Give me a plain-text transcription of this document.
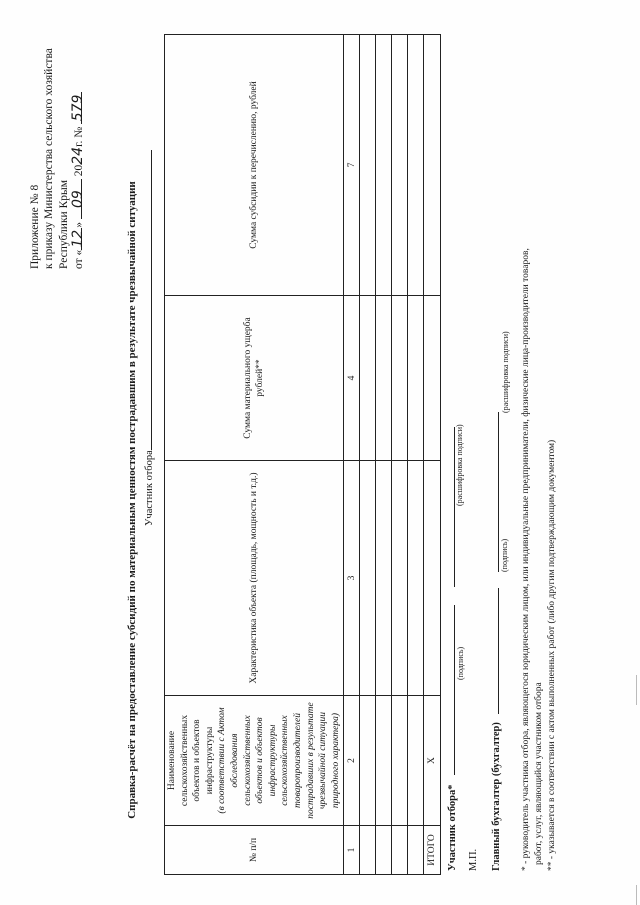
Приложение № 8 к приказу Министерства сельского хозяйства Республики Крым от «12» 09 2024г. № 579
Справка-расчёт на предоставление субсидий по материальным ценностям пострадавшим в результате чрезвычайной ситуации Участник отбора
№ п/п	Наименование сельскохозяйственных объектов и объектов инфраструктуры (в соответствии с Актом обследования сельскохозяйственных объектов и объектов инфраструктуры сельскохозяйственных товаропроизводителей пострадавших в результате чрезвычайной ситуации природного характера)	Характеристика объекта (площадь, мощность и т.д.)	Сумма материального ущерба рублей**	Сумма субсидии к перечислению, рублей
1	2	3	4	7

ИТОГО	X			
Участник отбора*
(подпись)
(расшифровка подписи)
М.П.	Главный бухгалтер (бухгалтер)
(подпись)
(расшифровка подписи) * - руководитель участника отбора, являющегося юридическим лицом, или индивидуальные предприниматели, физические лица-производители товаров, работ, услуг, являющийся участником отбора ** - указывается в соответствии с актом выполненных работ (либо другим подтверждающим документом)
